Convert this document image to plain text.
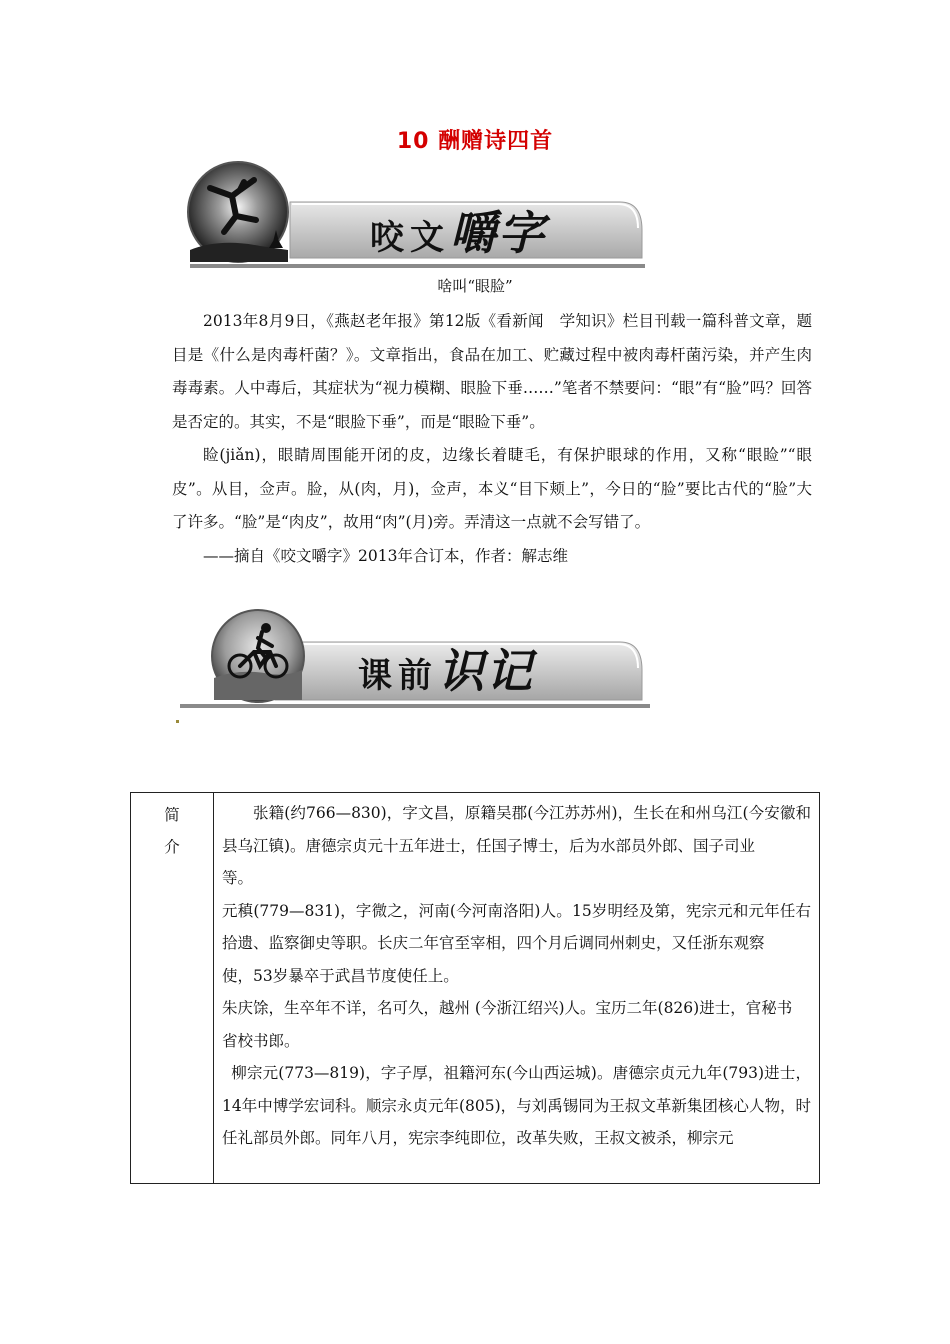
10 酬赠诗四首
咬文嚼字
啥叫“眼脸”

2013年8月9日，《燕赵老年报》第12版《看新闻　学知识》栏目刊载一篇科普文章，题目是《什么是肉毒杆菌？》。文章指出，食品在加工、贮藏过程中被肉毒杆菌污染，并产生肉毒毒素。人中毒后，其症状为“视力模糊、眼脸下垂……”笔者不禁要问：“眼”有“脸”吗？回答是否定的。其实，不是“眼脸下垂”，而是“眼睑下垂”。

睑(jiǎn)，眼睛周围能开闭的皮，边缘长着睫毛，有保护眼球的作用，又称“眼睑”“眼皮”。从目，佥声。脸，从(肉，月)，佥声，本义“目下颊上”，今日的“脸”要比古代的“脸”大了许多。“脸”是“肉皮”，故用“肉”(月)旁。弄清这一点就不会写错了。

——摘自《咬文嚼字》2013年合订本，作者：解志维

课前识记
简介	

张籍(约766—830)，字文昌，原籍吴郡(今江苏苏州)，生长在和州乌江(今安徽和县乌江镇)。唐德宗贞元十五年进士，任国子博士，后为水部员外郎、国子司业

等。

元稹(779—831)，字微之，河南(今河南洛阳)人。15岁明经及第，宪宗元和元年任右拾遗、监察御史等职。长庆二年官至宰相，四个月后调同州刺史，又任浙东观察

使，53岁暴卒于武昌节度使任上。

朱庆馀，生卒年不详，名可久，越州 (今浙江绍兴)人。宝历二年(826)进士，官秘书

省校书郎。

柳宗元(773—819)，字子厚，祖籍河东(今山西运城)。唐德宗贞元九年(793)进士，14年中博学宏词科。顺宗永贞元年(805)，与刘禹锡同为王叔文革新集团核心人物，时任礼部员外郎。同年八月，宪宗李纯即位，改革失败，王叔文被杀，柳宗元
